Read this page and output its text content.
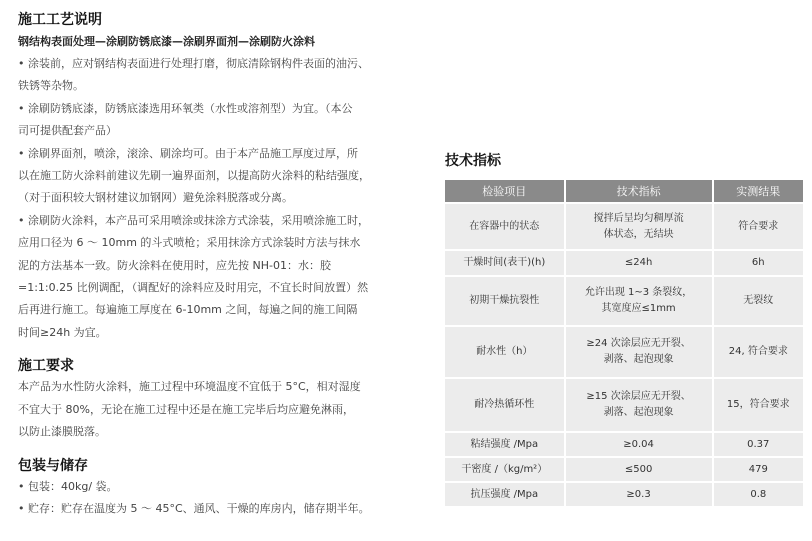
施工工艺说明
钢结构表面处理—涂刷防锈底漆—涂刷界面剂—涂刷防火涂料

• 涂装前，应对钢结构表面进行处理打磨，彻底清除钢构件表面的油污、

铁锈等杂物。

• 涂刷防锈底漆，防锈底漆选用环氧类（水性或溶剂型）为宜。（本公

司可提供配套产品）

• 涂刷界面剂，喷涂，滚涂、刷涂均可。由于本产品施工厚度过厚，所

以在施工防火涂料前建议先刷一遍界面剂，以提高防火涂料的粘结强度，

（对于面积较大钢材建议加钢网）避免涂料脱落或分离。

• 涂刷防火涂料，本产品可采用喷涂或抹涂方式涂装，采用喷涂施工时，

应用口径为 6 ～ 10mm 的斗式喷枪；采用抹涂方式涂装时方法与抹水

泥的方法基本一致。防火涂料在使用时，应先按 NH-01：水：胶

=1:1:0.25 比例调配，（调配好的涂料应及时用完，不宜长时间放置）然

后再进行施工。每遍施工厚度在 6-10mm 之间，每遍之间的施工间隔

时间≥24h 为宜。

施工要求

本产品为水性防火涂料，施工过程中环境温度不宜低于 5°C，相对湿度

不宜大于 80%，无论在施工过程中还是在施工完毕后均应避免淋雨，

以防止漆膜脱落。

包装与储存

• 包装：40kg/ 袋。

• 贮存：贮存在温度为 5 ～ 45°C、通风、干燥的库房内，储存期半年。

技术指标
检验项目	技术指标	实测结果
在容器中的状态	搅拌后呈均匀稠厚流
体状态，无结块	符合要求
干燥时间(表干)(h)	≤24h	6h
初期干燥抗裂性	允许出现 1~3 条裂纹，
其宽度应≤1mm	无裂纹
耐水性（h）	≥24 次涂层应无开裂、
剥落、起泡现象	24, 符合要求
耐冷热循环性	≥15 次涂层应无开裂、
剥落、起泡现象	15，符合要求
粘结强度 /Mpa	≥0.04	0.37
干密度 /（kg/m²）	≤500	479
抗压强度 /Mpa	≥0.3	0.8
